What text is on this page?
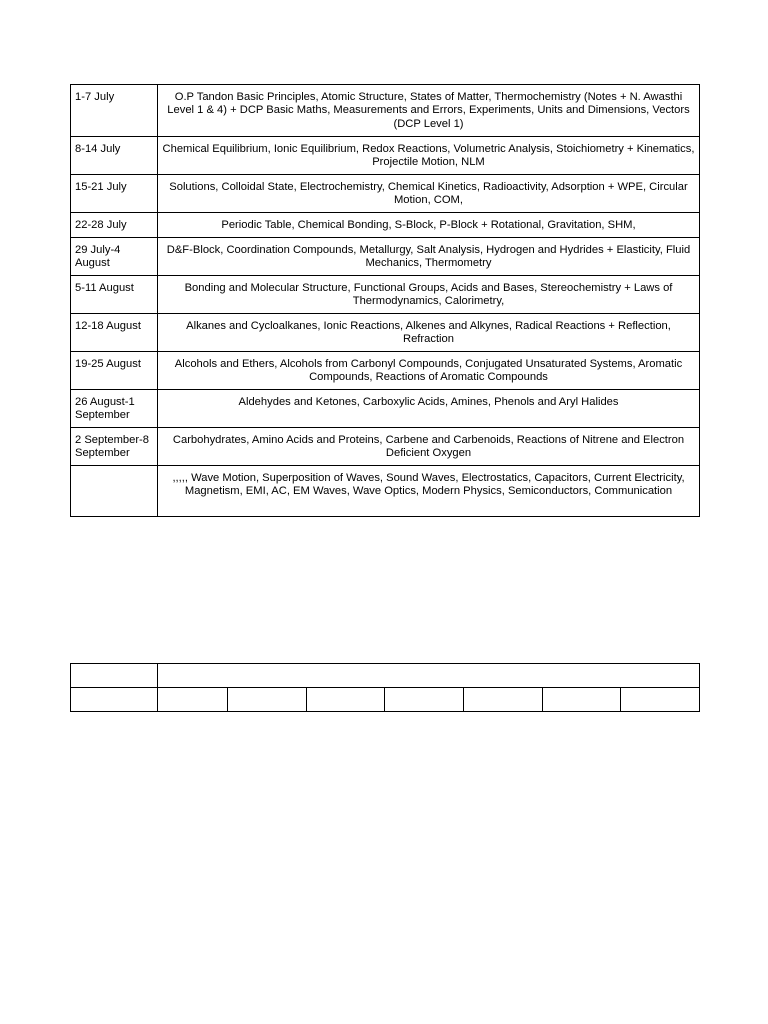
1-7 July	O.P Tandon Basic Principles, Atomic Structure, States of Matter, Thermochemistry (Notes + N. Awasthi Level 1 & 4) + DCP Basic Maths, Measurements and Errors, Experiments, Units and Dimensions, Vectors (DCP Level 1)
8-14 July	Chemical Equilibrium, Ionic Equilibrium, Redox Reactions, Volumetric Analysis, Stoichiometry + Kinematics, Projectile Motion, NLM
15-21 July	Solutions, Colloidal State, Electrochemistry, Chemical Kinetics, Radioactivity, Adsorption + WPE, Circular Motion, COM,
22-28 July	Periodic Table, Chemical Bonding, S-Block, P-Block + Rotational, Gravitation, SHM,
29 July-4 August	D&F-Block, Coordination Compounds, Metallurgy, Salt Analysis, Hydrogen and Hydrides + Elasticity, Fluid Mechanics, Thermometry
5-11 August	Bonding and Molecular Structure, Functional Groups, Acids and Bases, Stereochemistry + Laws of Thermodynamics, Calorimetry,
12-18 August	Alkanes and Cycloalkanes, Ionic Reactions, Alkenes and Alkynes, Radical Reactions + Reflection, Refraction
19-25 August	Alcohols and Ethers, Alcohols from Carbonyl Compounds, Conjugated Unsaturated Systems, Aromatic Compounds, Reactions of Aromatic Compounds
26 August-1 September	Aldehydes and Ketones, Carboxylic Acids, Amines, Phenols and Aryl Halides
2 September-8 September	Carbohydrates, Amino Acids and Proteins, Carbene and Carbenoids, Reactions of Nitrene and Electron Deficient Oxygen
	,,,,, Wave Motion, Superposition of Waves, Sound Waves, Electrostatics, Capacitors, Current Electricity, Magnetism, EMI, AC, EM Waves, Wave Optics, Modern Physics, Semiconductors, Communication
